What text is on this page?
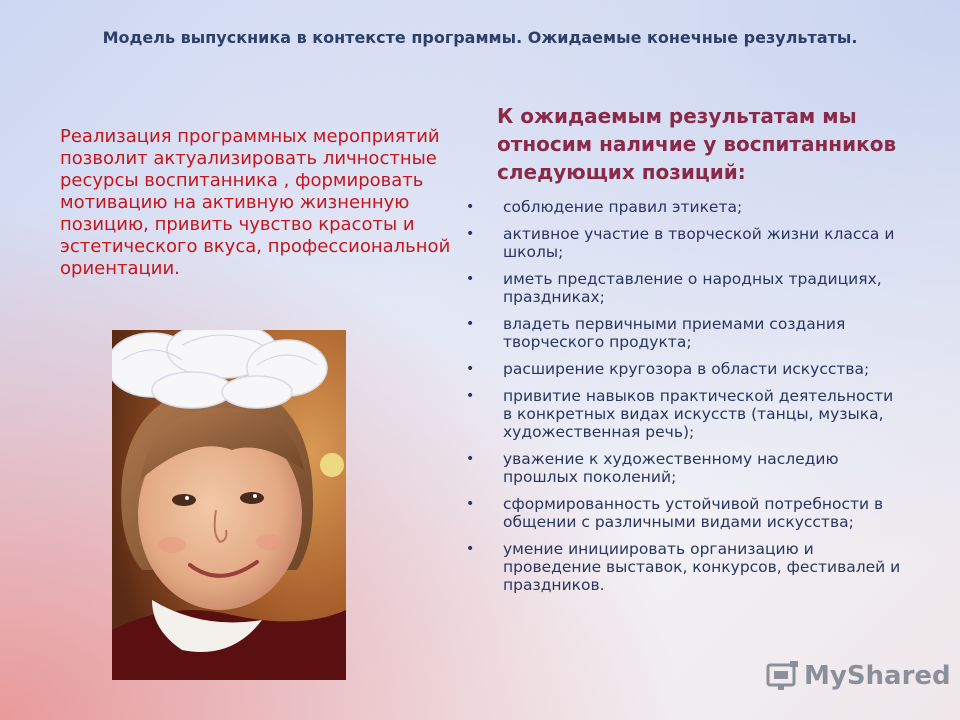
Модель выпускника в контексте программы. Ожидаемые конечные результаты.
Реализация программных мероприятий позволит актуализировать личностные ресурсы воспитанника , формировать мотивацию на активную жизненную позицию, привить чувство красоты и эстетического вкуса, профессиональной ориентации.
К ожидаемым результатам мы относим наличие у воспитанников следующих позиций:
• соблюдение правил этикета;
• активное участие в творческой жизни класса и школы;
• иметь представление о народных традициях, праздниках;
• владеть первичными приемами создания творческого продукта;
• расширение кругозора в области искусства;
• привитие навыков практической деятельности в конкретных видах искусств (танцы, музыка, художественная речь);
• уважение к художественному наследию прошлых поколений;
• сформированность устойчивой потребности в общении с различными видами искусства;
• умение инициировать организацию и проведение выставок, конкурсов, фестивалей и праздников.
MyShared
